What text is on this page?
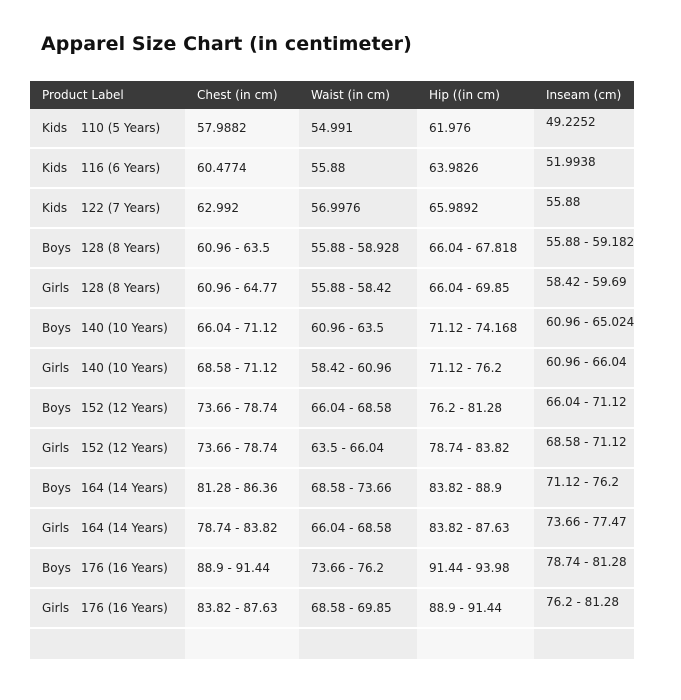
Apparel Size Chart (in centimeter)
Product Label	Chest (in cm)	Waist (in cm)	Hip ((in cm)	Inseam (cm)
Kids 110 (5 Years)	57.9882	54.991	61.976	49.2252
Kids 116 (6 Years)	60.4774	55.88	63.9826	51.9938
Kids 122 (7 Years)	62.992	56.9976	65.9892	55.88
Boys 128 (8 Years)	60.96 - 63.5	55.88 - 58.928	66.04 - 67.818	55.88 - 59.182
Girls 128 (8 Years)	60.96 - 64.77	55.88 - 58.42	66.04 - 69.85	58.42 - 59.69
Boys 140 (10 Years)	66.04 - 71.12	60.96 - 63.5	71.12 - 74.168	60.96 - 65.024
Girls 140 (10 Years)	68.58 - 71.12	58.42 - 60.96	71.12 - 76.2	60.96 - 66.04
Boys 152 (12 Years)	73.66 - 78.74	66.04 - 68.58	76.2 - 81.28	66.04 - 71.12
Girls 152 (12 Years)	73.66 - 78.74	63.5 - 66.04	78.74 - 83.82	68.58 - 71.12
Boys 164 (14 Years)	81.28 - 86.36	68.58 - 73.66	83.82 - 88.9	71.12 - 76.2
Girls 164 (14 Years)	78.74 - 83.82	66.04 - 68.58	83.82 - 87.63	73.66 - 77.47
Boys 176 (16 Years)	88.9 - 91.44	73.66 - 76.2	91.44 - 93.98	78.74 - 81.28
Girls 176 (16 Years)	83.82 - 87.63	68.58 - 69.85	88.9 - 91.44	76.2 - 81.28
